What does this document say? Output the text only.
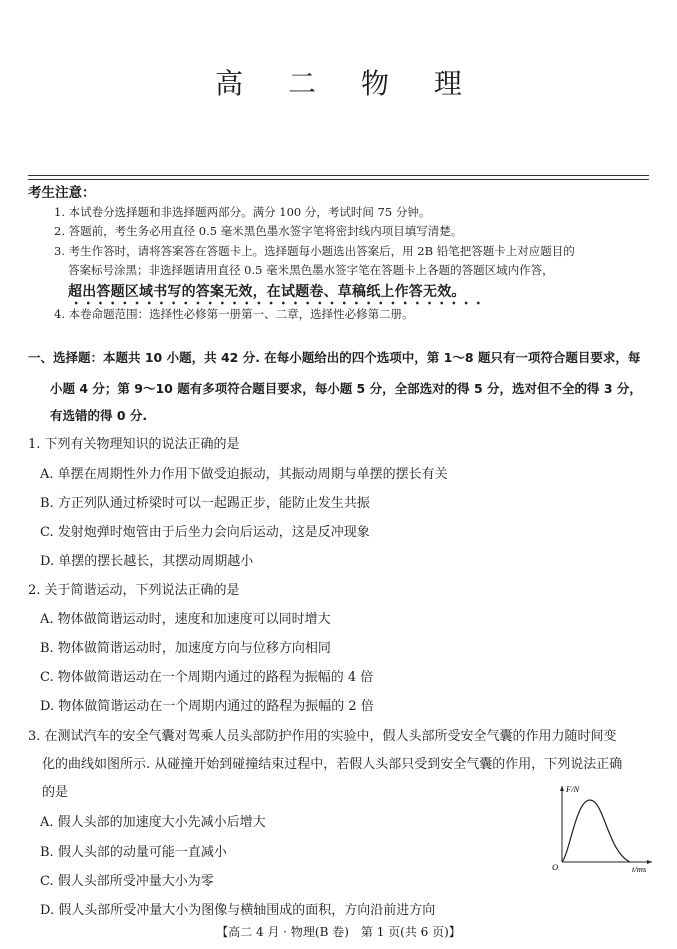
高 二 物 理
考生注意：
1. 本试卷分选择题和非选择题两部分。满分 100 分，考试时间 75 分钟。
2. 答题前，考生务必用直径 0.5 毫米黑色墨水签字笔将密封线内项目填写清楚。
3. 考生作答时，请将答案答在答题卡上。选择题每小题选出答案后，用 2B 铅笔把答题卡上对应题目的
答案标号涂黑；非选择题请用直径 0.5 毫米黑色墨水签字笔在答题卡上各题的答题区域内作答，
超出答题区域书写的答案无效，在试题卷、草稿纸上作答无效。
4. 本卷命题范围：选择性必修第一册第一、二章，选择性必修第二册。
一、选择题：本题共 10 小题，共 42 分. 在每小题给出的四个选项中，第 1～8 题只有一项符合题目要求，每
小题 4 分；第 9～10 题有多项符合题目要求，每小题 5 分，全部选对的得 5 分，选对但不全的得 3 分，
有选错的得 0 分.
1. 下列有关物理知识的说法正确的是
A. 单摆在周期性外力作用下做受迫振动，其振动周期与单摆的摆长有关
B. 方正列队通过桥梁时可以一起踢正步，能防止发生共振
C. 发射炮弹时炮管由于后坐力会向后运动，这是反冲现象
D. 单摆的摆长越长，其摆动周期越小
2. 关于简谐运动，下列说法正确的是
A. 物体做简谐运动时，速度和加速度可以同时增大
B. 物体做简谐运动时，加速度方向与位移方向相同
C. 物体做简谐运动在一个周期内通过的路程为振幅的 4 倍
D. 物体做简谐运动在一个周期内通过的路程为振幅的 2 倍
3. 在测试汽车的安全气囊对驾乘人员头部防护作用的实验中，假人头部所受安全气囊的作用力随时间变
化的曲线如图所示. 从碰撞开始到碰撞结束过程中，若假人头部只受到安全气囊的作用，下列说法正确
的是
A. 假人头部的加速度大小先减小后增大
B. 假人头部的动量可能一直减小
C. 假人头部所受冲量大小为零
D. 假人头部所受冲量大小为图像与横轴围成的面积，方向沿前进方向
F/N
O	t/ms
【高二 4 月 · 物理(B 卷)　第 1 页(共 6 页)】
